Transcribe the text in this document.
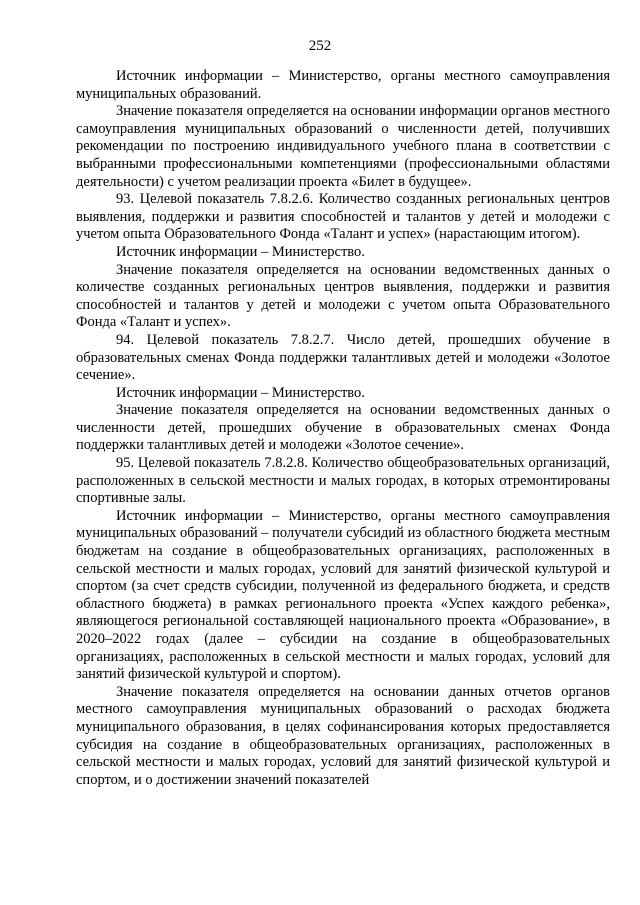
252

Источник информации – Министерство, органы местного самоуправления муниципальных образований.

Значение показателя определяется на основании информации органов местного самоуправления муниципальных образований о численности детей, получивших рекомендации по построению индивидуального учебного плана в соответствии с выбранными профессиональными компетенциями (профессиональными областями деятельности) с учетом реализации проекта «Билет в будущее».

93. Целевой показатель 7.8.2.6. Количество созданных региональных центров выявления, поддержки и развития способностей и талантов у детей и молодежи с учетом опыта Образовательного Фонда «Талант и успех» (нарастающим итогом).

Источник информации – Министерство.

Значение показателя определяется на основании ведомственных данных о количестве созданных региональных центров выявления, поддержки и развития способностей и талантов у детей и молодежи с учетом опыта Образовательного Фонда «Талант и успех».

94. Целевой показатель 7.8.2.7. Число детей, прошедших обучение в образовательных сменах Фонда поддержки талантливых детей и молодежи «Золотое сечение».

Источник информации – Министерство.

Значение показателя определяется на основании ведомственных данных о численности детей, прошедших обучение в образовательных сменах Фонда поддержки талантливых детей и молодежи «Золотое сечение».

95. Целевой показатель 7.8.2.8. Количество общеобразовательных организаций, расположенных в сельской местности и малых городах, в которых отремонтированы спортивные залы.

Источник информации – Министерство, органы местного самоуправления муниципальных образований – получатели субсидий из областного бюджета местным бюджетам на создание в общеобразовательных организациях, расположенных в сельской местности и малых городах, условий для занятий физической культурой и спортом (за счет средств субсидии, полученной из федерального бюджета, и средств областного бюджета) в рамках регионального проекта «Успех каждого ребенка», являющегося региональной составляющей национального проекта «Образование», в 2020–2022 годах (далее – субсидии на создание в общеобразовательных организациях, расположенных в сельской местности и малых городах, условий для занятий физической культурой и спортом).

Значение показателя определяется на основании данных отчетов органов местного самоуправления муниципальных образований о расходах бюджета муниципального образования, в целях софинансирования которых предоставляется субсидия на создание в общеобразовательных организациях, расположенных в сельской местности и малых городах, условий для занятий физической культурой и спортом, и о достижении значений показателей
